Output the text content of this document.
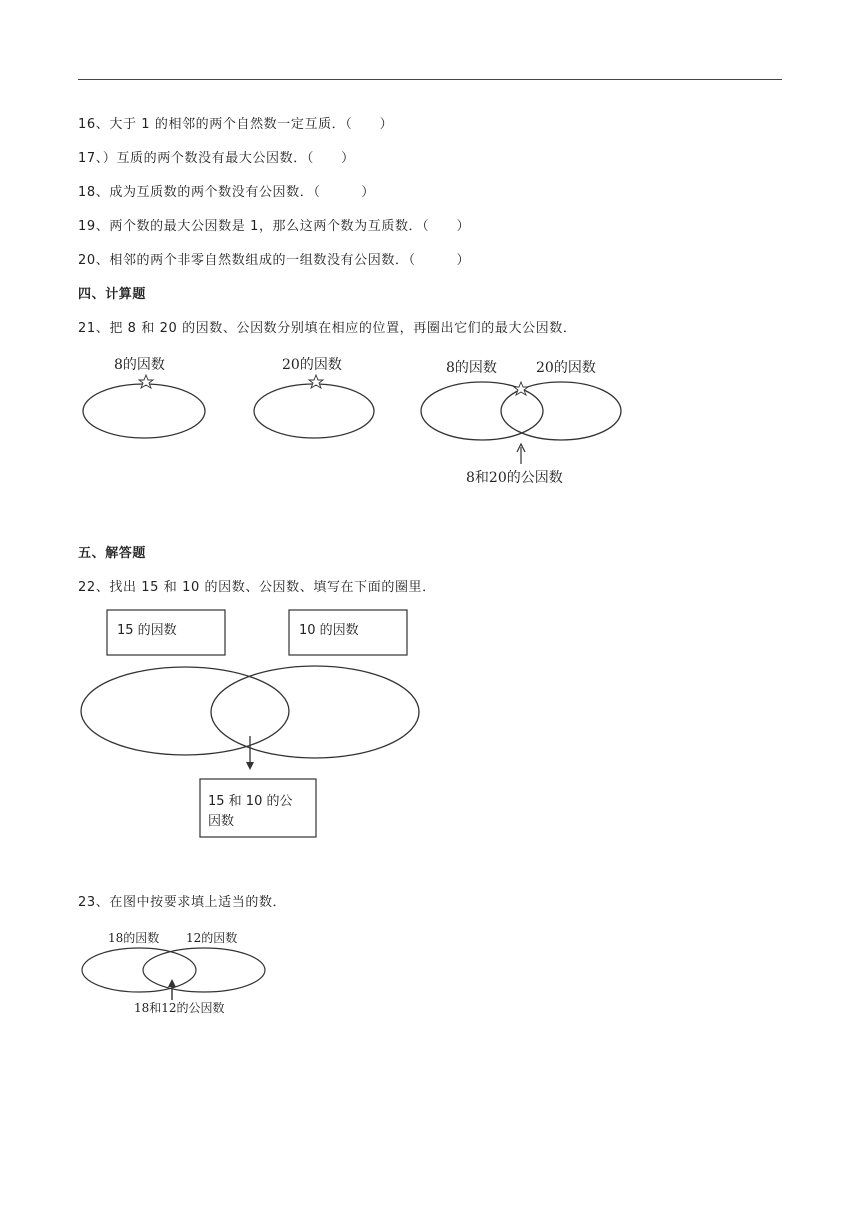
16、大于 1 的相邻的两个自然数一定互质．（　　）
17、）互质的两个数没有最大公因数．（　　）
18、成为互质数的两个数没有公因数．（　　　）
19、两个数的最大公因数是 1，那么这两个数为互质数．（　　）
20、相邻的两个非零自然数组成的一组数没有公因数．（　　　）
四、计算题
21、把 8 和 20 的因数、公因数分别填在相应的位置，再圈出它们的最大公因数．
8的因数	20的因数	8的因数	20的因数
8和20的公因数
五、解答题
22、找出 15 和 10 的因数、公因数、填写在下面的圈里．
15 的因数	10 的因数
15 和 10 的公
因数
23、在图中按要求填上适当的数．
18的因数 12的因数
18和12的公因数
